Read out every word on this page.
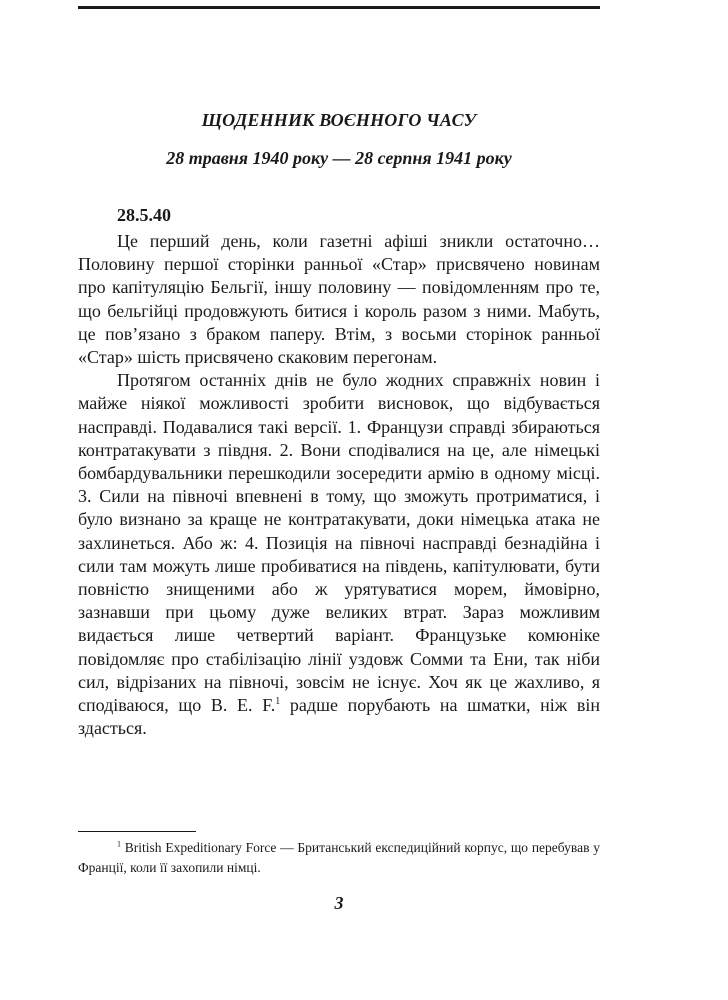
ЩОДЕННИК ВОЄННОГО ЧАСУ
28 травня 1940 року — 28 серпня 1941 року
28.5.40

Це перший день, коли газетні афіші зникли остаточно… Половину першої сторінки ранньої «Стар» присвячено новинам про капітуляцію Бельгії, іншу половину — повідомленням про те, що бельгійці продовжують битися і король разом з ними. Мабуть, це пов’язано з браком паперу. Втім, з восьми сторінок ранньої «Стар» шість присвячено скаковим перегонам.

Протягом останніх днів не було жодних справжніх новин і майже ніякої можливості зробити висновок, що відбувається насправді. Подавалися такі версії. 1. Французи справді збираються контратакувати з півдня. 2. Вони сподівалися на це, але німецькі бомбардувальники перешкодили зосередити армію в одному місці. 3. Сили на півночі впевнені в тому, що зможуть протриматися, і було визнано за краще не контратакувати, доки німецька атака не захлинеться. Або ж: 4. Позиція на півночі насправді безнадійна і сили там можуть лише пробиватися на південь, капітулювати, бути повністю знищеними або ж урятуватися морем, ймовірно, зазнавши при цьому дуже великих втрат. Зараз можливим видається лише четвертий варіант. Французьке комюніке повідомляє про стабілізацію лінії уздовж Сомми та Ени, так ніби сил, відрізаних на півночі, зовсім не існує. Хоч як це жахливо, я сподіваюся, що B. E. F.$^1$ радше порубають на шматки, ніж він здасться.

$^1$ British Expeditionary Force — Британський експедиційний корпус, що перебував у Франції, коли її захопили німці.

3
